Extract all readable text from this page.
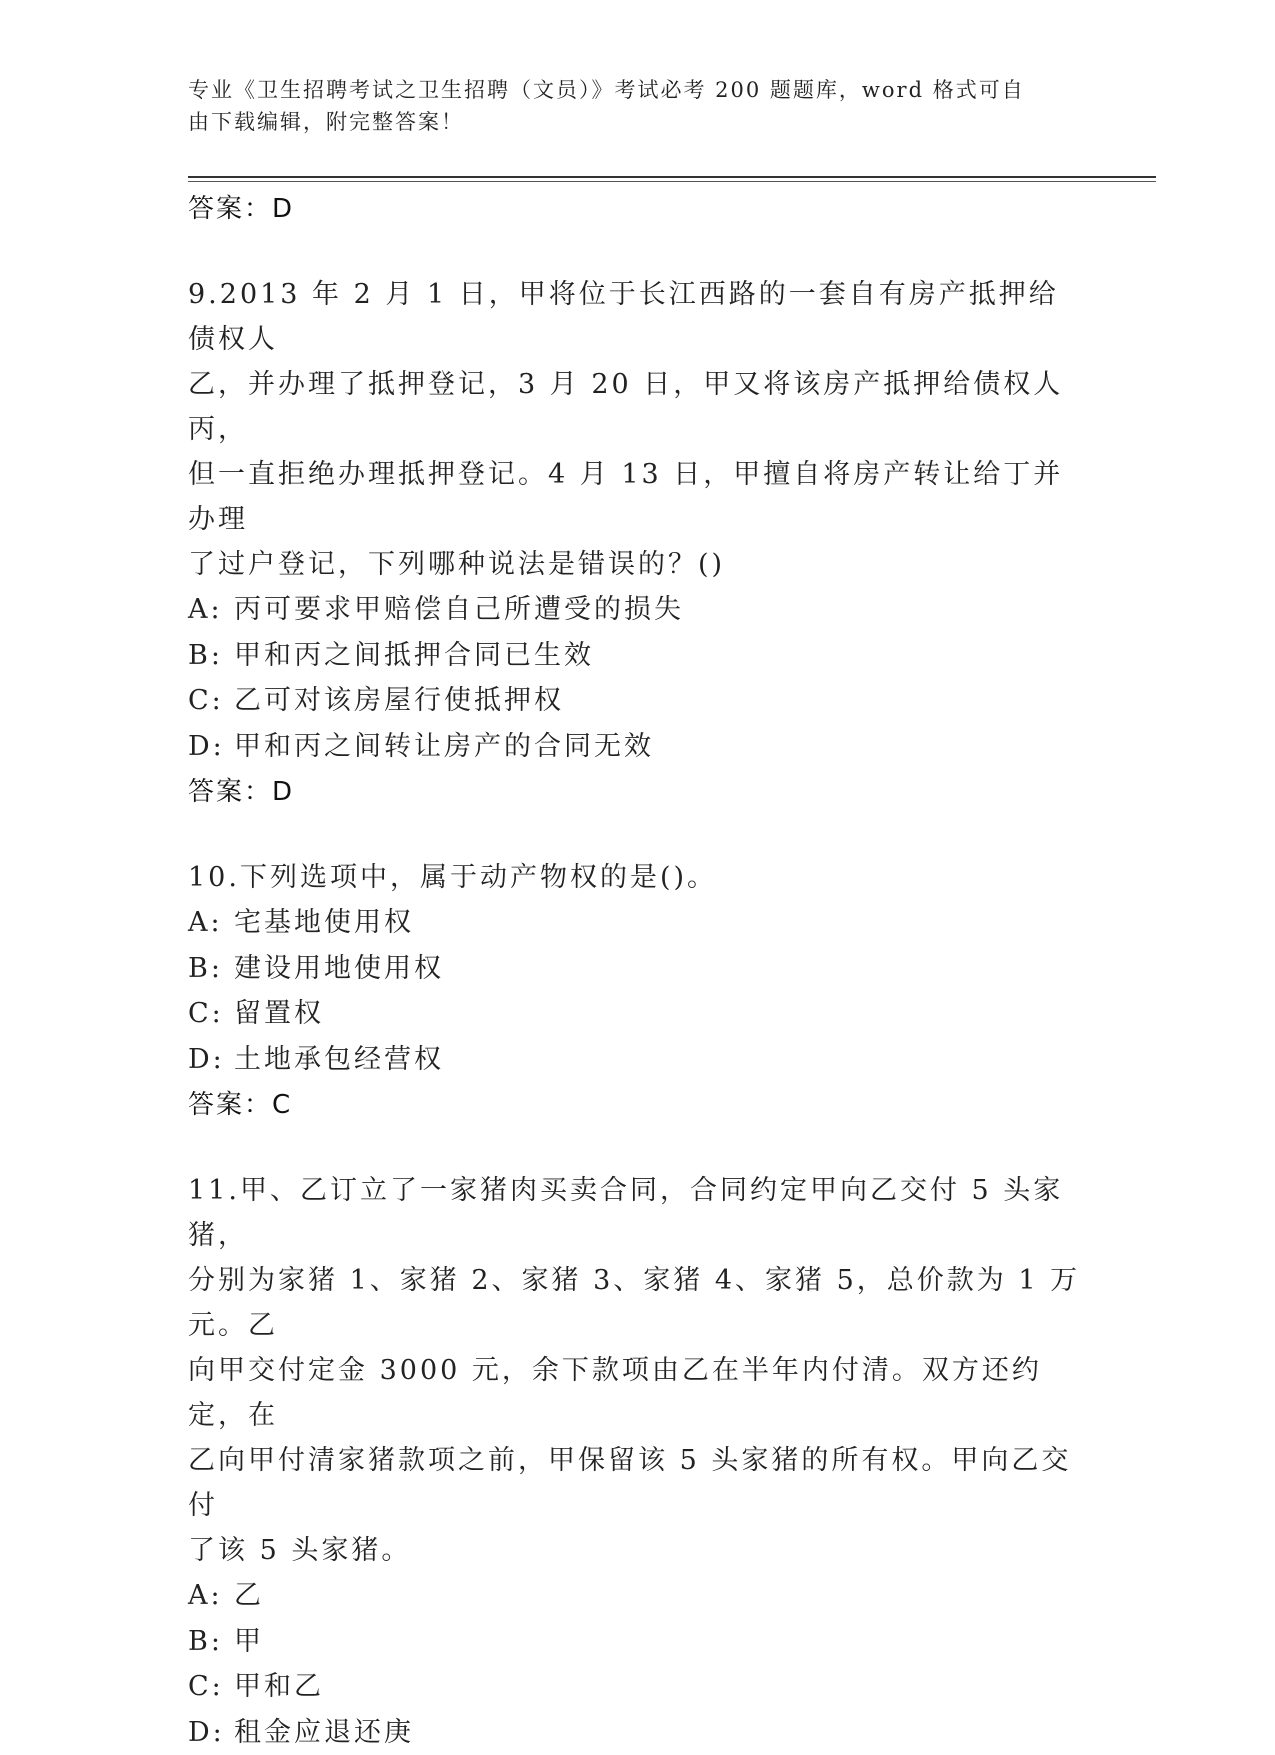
专业《卫生招聘考试之卫生招聘（文员）》考试必考 200 题题库，word 格式可自
由下载编辑，附完整答案！
答案：D

9.2013 年 2 月 1 日，甲将位于长江西路的一套自有房产抵押给债权人

乙，并办理了抵押登记，3 月 20 日，甲又将该房产抵押给债权人丙，

但一直拒绝办理抵押登记。4 月 13 日，甲擅自将房产转让给丁并办理

了过户登记，下列哪种说法是错误的？()

A: 丙可要求甲赔偿自己所遭受的损失
B: 甲和丙之间抵押合同已生效
C: 乙可对该房屋行使抵押权
D: 甲和丙之间转让房产的合同无效
答案：D

10.下列选项中，属于动产物权的是()。

A: 宅基地使用权
B: 建设用地使用权
C: 留置权
D: 土地承包经营权
答案：C

11.甲、乙订立了一家猪肉买卖合同，合同约定甲向乙交付 5 头家猪，

分别为家猪 1、家猪 2、家猪 3、家猪 4、家猪 5，总价款为 1 万元。乙

向甲交付定金 3000 元，余下款项由乙在半年内付清。双方还约定，在

乙向甲付清家猪款项之前，甲保留该 5 头家猪的所有权。甲向乙交付

了该 5 头家猪。

A: 乙
B: 甲
C: 甲和乙
D: 租金应退还庚
